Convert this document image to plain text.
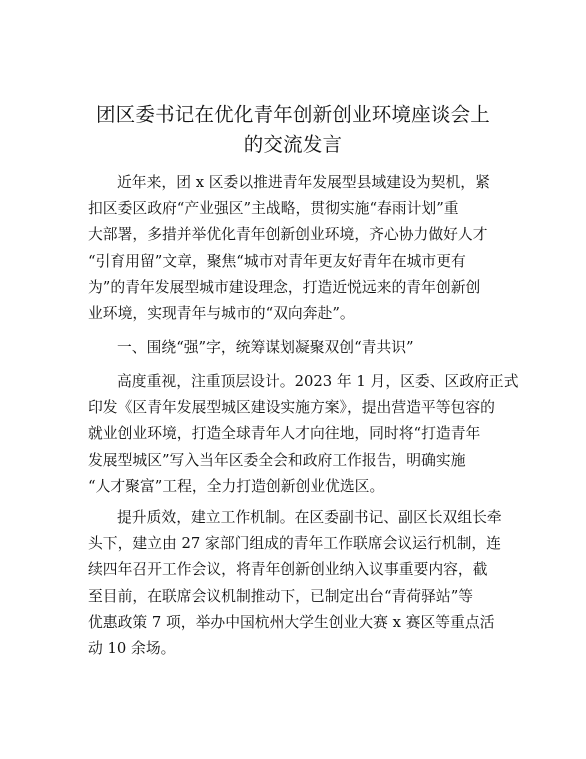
团区委书记在优化青年创新创业环境座谈会上
的交流发言
近年来，团 x 区委以推进青年发展型县域建设为契机，紧
扣区委区政府“产业强区”主战略，贯彻实施“春雨计划”重
大部署，多措并举优化青年创新创业环境，齐心协力做好人才
“引育用留”文章，聚焦“城市对青年更友好青年在城市更有
为”的青年发展型城市建设理念，打造近悦远来的青年创新创
业环境，实现青年与城市的“双向奔赴”。
一、围绕“强”字，统筹谋划凝聚双创“青共识”
高度重视，注重顶层设计。2023 年 1 月，区委、区政府正式
印发《区青年发展型城区建设实施方案》，提出营造平等包容的
就业创业环境，打造全球青年人才向往地，同时将“打造青年
发展型城区”写入当年区委全会和政府工作报告，明确实施
“人才聚富”工程，全力打造创新创业优选区。
提升质效，建立工作机制。在区委副书记、副区长双组长牵
头下，建立由 27 家部门组成的青年工作联席会议运行机制，连
续四年召开工作会议，将青年创新创业纳入议事重要内容，截
至目前，在联席会议机制推动下，已制定出台“青荷驿站”等
优惠政策 7 项，举办中国杭州大学生创业大赛 x 赛区等重点活
动 10 余场。
